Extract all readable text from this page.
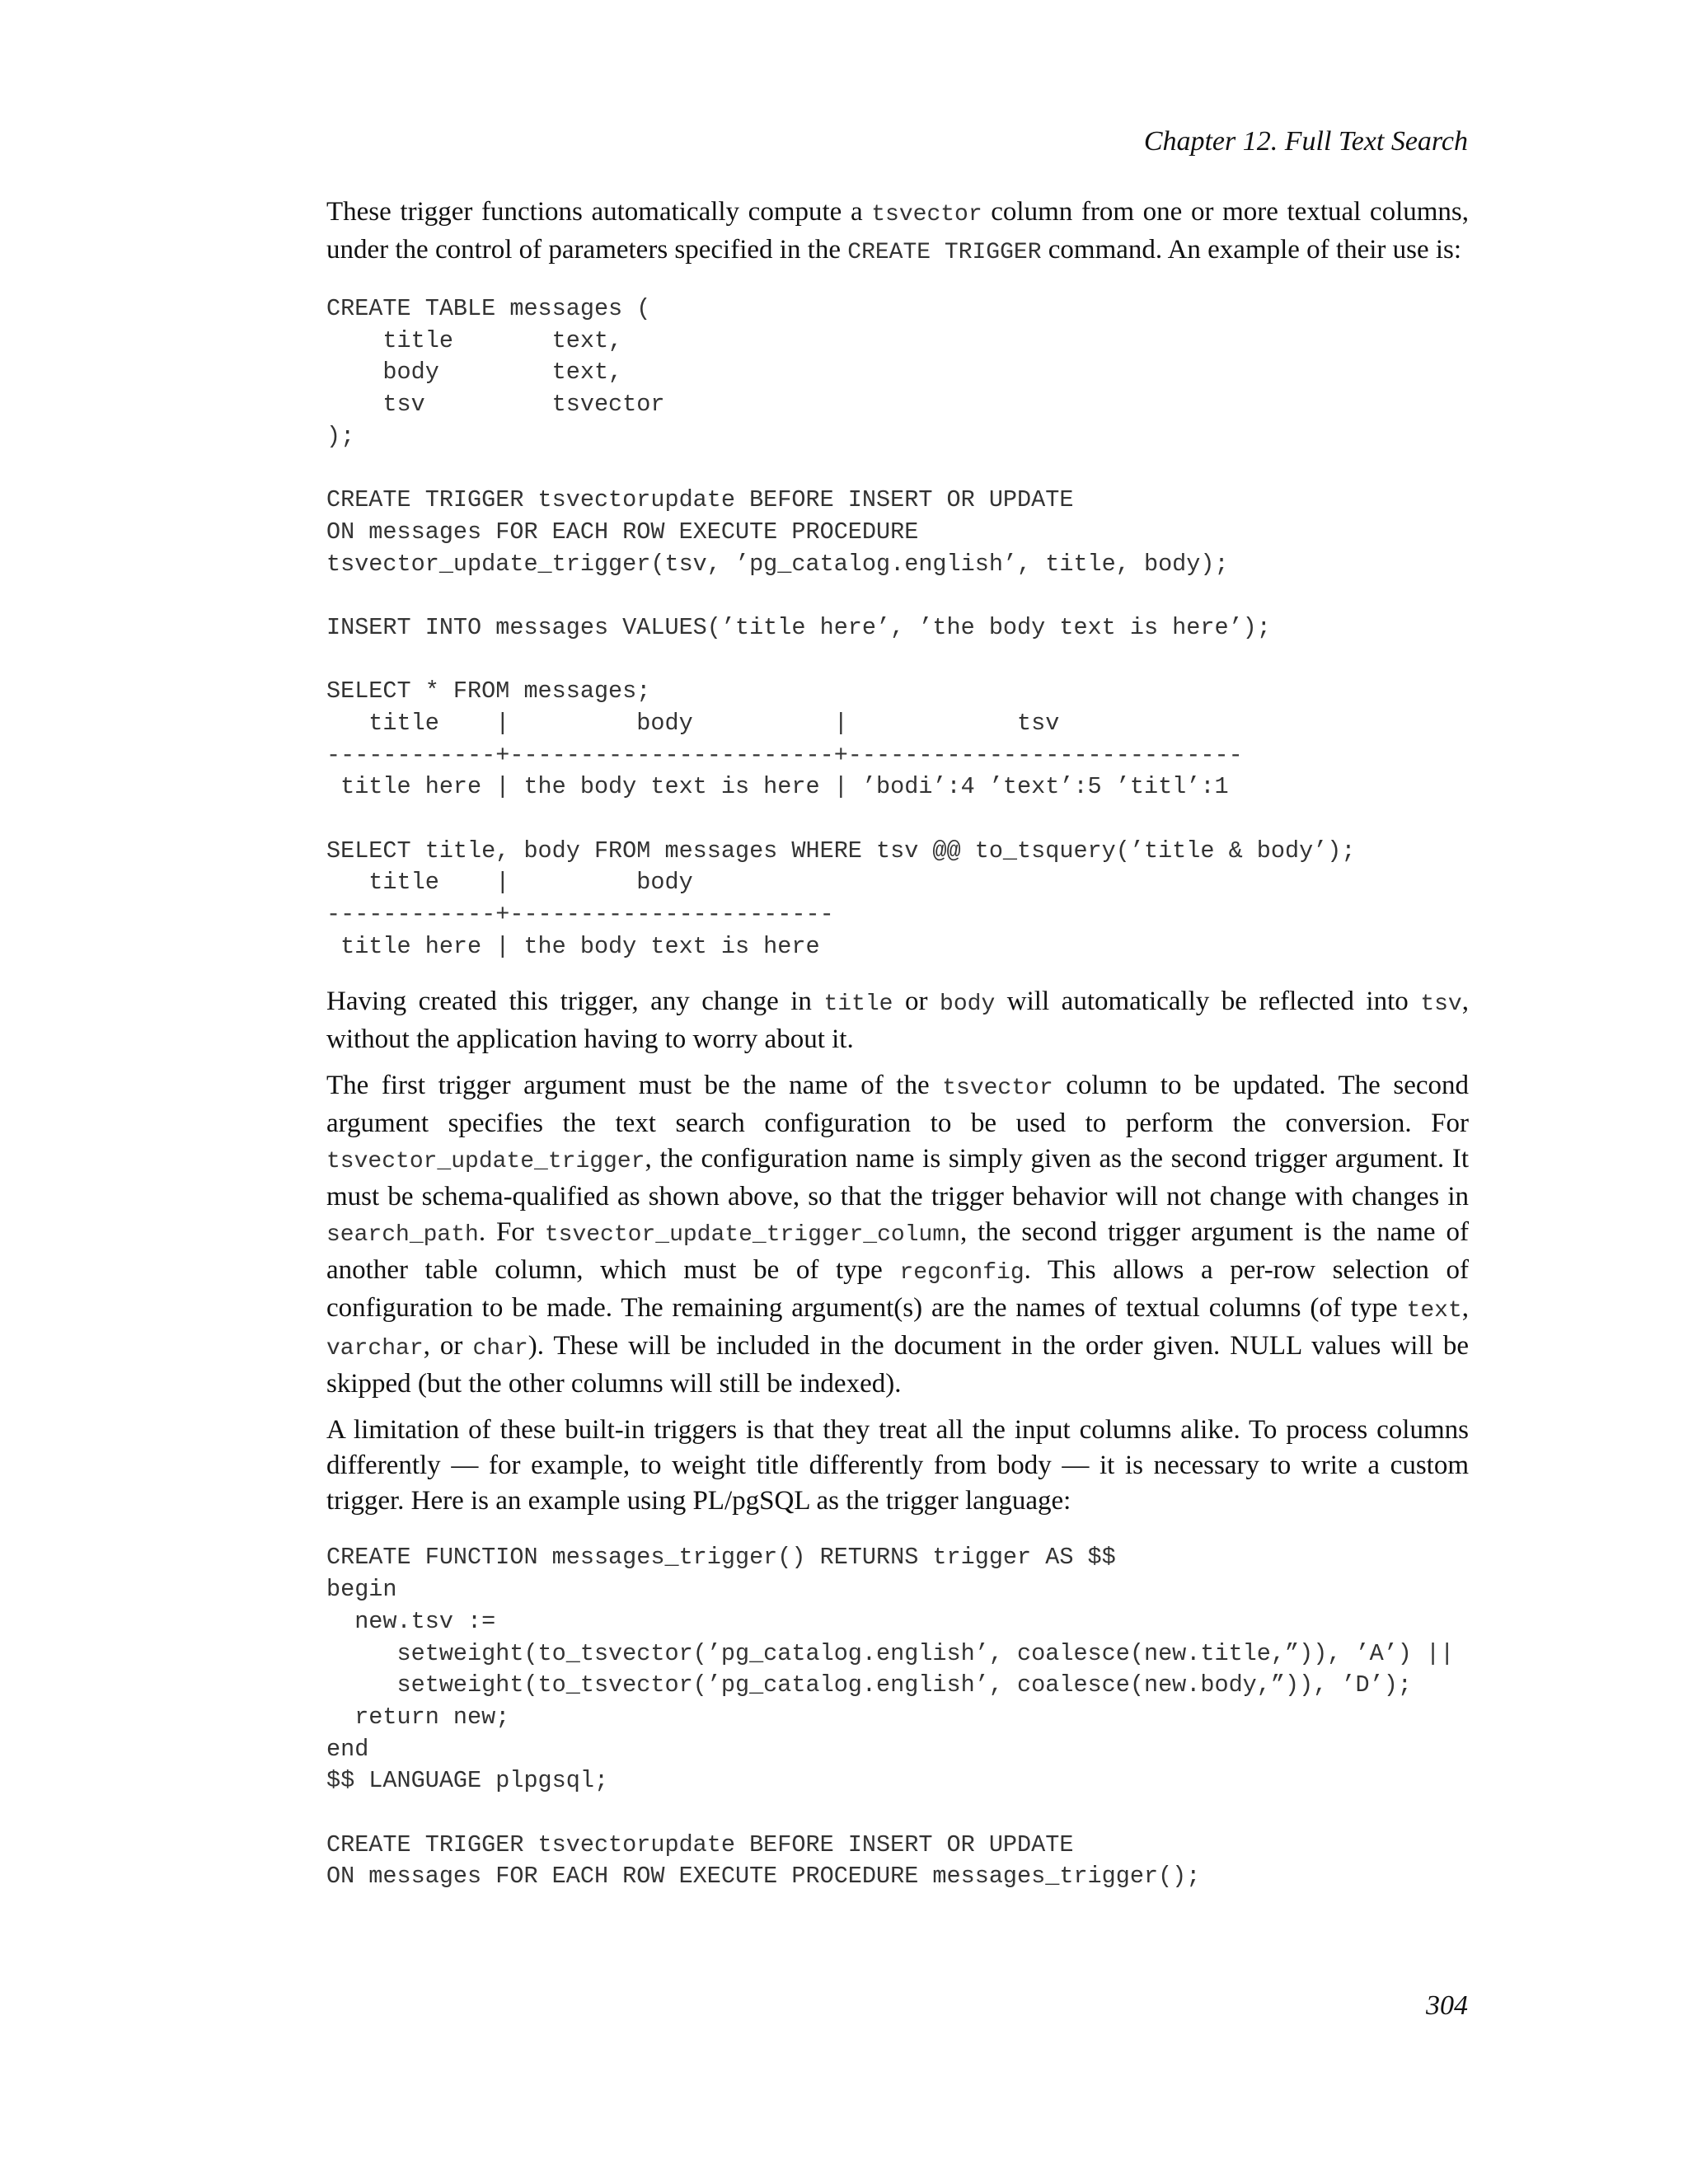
Chapter 12. Full Text Search

These trigger functions automatically compute a tsvector column from one or more textual columns, under the control of parameters specified in the CREATE TRIGGER command. An example of their use is:

CREATE TABLE messages (
title       text,
body        text,
tsv         tsvector
);
CREATE TRIGGER tsvectorupdate BEFORE INSERT OR UPDATE
ON messages FOR EACH ROW EXECUTE PROCEDURE
tsvector_update_trigger(tsv, ’pg_catalog.english’, title, body);
INSERT INTO messages VALUES(’title here’, ’the body text is here’);
SELECT * FROM messages;
title    |         body          |            tsv
------------+-----------------------+----------------------------
title here | the body text is here | ’bodi’:4 ’text’:5 ’titl’:1
SELECT title, body FROM messages WHERE tsv @@ to_tsquery(’title & body’);
title    |         body
------------+-----------------------
title here | the body text is here

Having created this trigger, any change in title or body will automatically be reflected into tsv, without the application having to worry about it.

The first trigger argument must be the name of the tsvector column to be updated. The second argument specifies the text search configuration to be used to perform the conversion. For tsvector_update_trigger, the configuration name is simply given as the second trigger argument. It must be schema-qualified as shown above, so that the trigger behavior will not change with changes in search_path. For tsvector_update_trigger_column, the second trigger argument is the name of another table column, which must be of type regconfig. This allows a per-row selection of configuration to be made. The remaining argument(s) are the names of textual columns (of type text, varchar, or char). These will be included in the document in the order given. NULL values will be skipped (but the other columns will still be indexed).

A limitation of these built-in triggers is that they treat all the input columns alike. To process columns differently — for example, to weight title differently from body — it is necessary to write a custom trigger. Here is an example using PL/pgSQL as the trigger language:

CREATE FUNCTION messages_trigger() RETURNS trigger AS $$
begin
new.tsv :=
setweight(to_tsvector(’pg_catalog.english’, coalesce(new.title,”)), ’A’) ||
setweight(to_tsvector(’pg_catalog.english’, coalesce(new.body,”)), ’D’);
return new;
end
$$ LANGUAGE plpgsql;
CREATE TRIGGER tsvectorupdate BEFORE INSERT OR UPDATE
ON messages FOR EACH ROW EXECUTE PROCEDURE messages_trigger();
304
